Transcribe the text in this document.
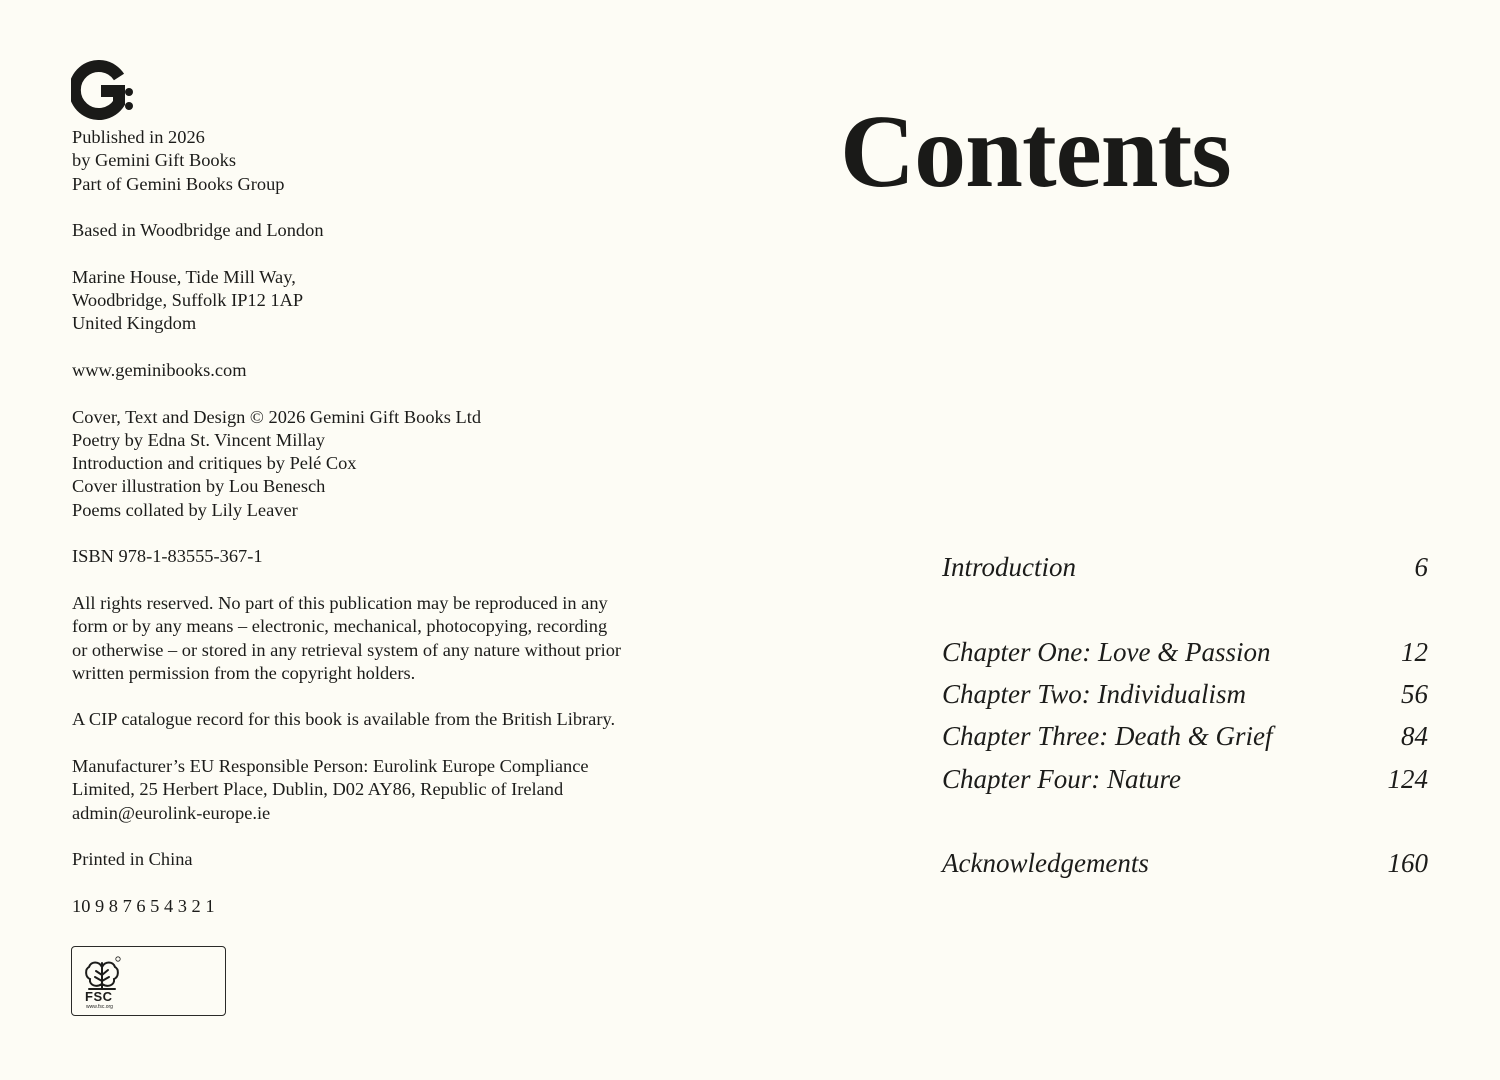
Published in 2026
by Gemini Gift Books
Part of Gemini Books Group
Based in Woodbridge and London
Marine House, Tide Mill Way,
Woodbridge, Suffolk IP12 1AP
United Kingdom
www.geminibooks.com
Cover, Text and Design © 2026 Gemini Gift Books Ltd
Poetry by Edna St. Vincent Millay
Introduction and critiques by Pelé Cox
Cover illustration by Lou Benesch
Poems collated by Lily Leaver
ISBN 978-1-83555-367-1
All rights reserved. No part of this publication may be reproduced in any
form or by any means – electronic, mechanical, photocopying, recording
or otherwise – or stored in any retrieval system of any nature without prior
written permission from the copyright holders.
A CIP catalogue record for this book is available from the British Library.
Manufacturer’s EU Responsible Person: Eurolink Europe Compliance
Limited, 25 Herbert Place, Dublin, D02 AY86, Republic of Ireland
admin@eurolink-europe.ie
Printed in China
10 9 8 7 6 5 4 3 2 1
FSC
www.fsc.org
Contents
Introduction	6
Chapter One: Love & Passion	12
Chapter Two: Individualism	56
Chapter Three: Death & Grief	84
Chapter Four: Nature	124
Acknowledgements	160
